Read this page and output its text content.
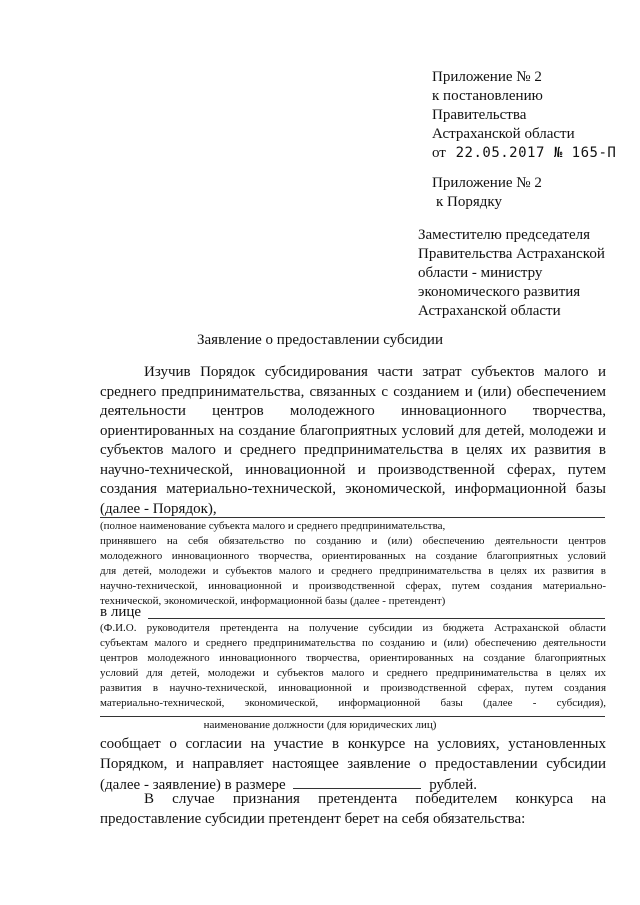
Приложение № 2
к постановлению
Правительства
Астраханской области
от 22.05.2017 № 165-П
Приложение № 2
к Порядку
Заместителю председателя
Правительства Астраханской
области - министру
экономического развития
Астраханской области
Заявление о предоставлении субсидии
Изучив Порядок субсидирования части затрат субъектов малого и
среднего предпринимательства, связанных с созданием и (или) обеспечением
деятельности центров молодежного инновационного творчества,
ориентированных на создание благоприятных условий для детей, молодежи и
субъектов малого и среднего предпринимательства в целях их развития в
научно-технической, инновационной и производственной сферах, путем
создания материально-технической, экономической, информационной базы
(далее - Порядок),
(полное наименование субъекта малого и среднего предпринимательства,
принявшего на себя обязательство по созданию и (или) обеспечению деятельности центров
молодежного инновационного творчества, ориентированных на создание благоприятных условий
для детей, молодежи и субъектов малого и среднего предпринимательства в целях их развития в
научно-технической, инновационной и производственной сферах, путем создания материально-
технической, экономической, информационной базы (далее - претендент)
в лице
(Ф.И.О. руководителя претендента на получение субсидии из бюджета Астраханской области
субъектам малого и среднего предпринимательства по созданию и (или) обеспечению деятельности
центров молодежного инновационного творчества, ориентированных на создание благоприятных
условий для детей, молодежи и субъектов малого и среднего предпринимательства в целях их
развития в научно-технической, инновационной и производственной сферах, путем создания
материально-технической, экономической, информационной базы (далее - субсидия),
наименование должности (для юридических лиц)
сообщает о согласии на участие в конкурсе на условиях, установленных
Порядком, и направляет настоящее заявление о предоставлении субсидии
(далее - заявление) в размере	рублей.
В случае признания претендента победителем конкурса на
предоставление субсидии претендент берет на себя обязательства:
